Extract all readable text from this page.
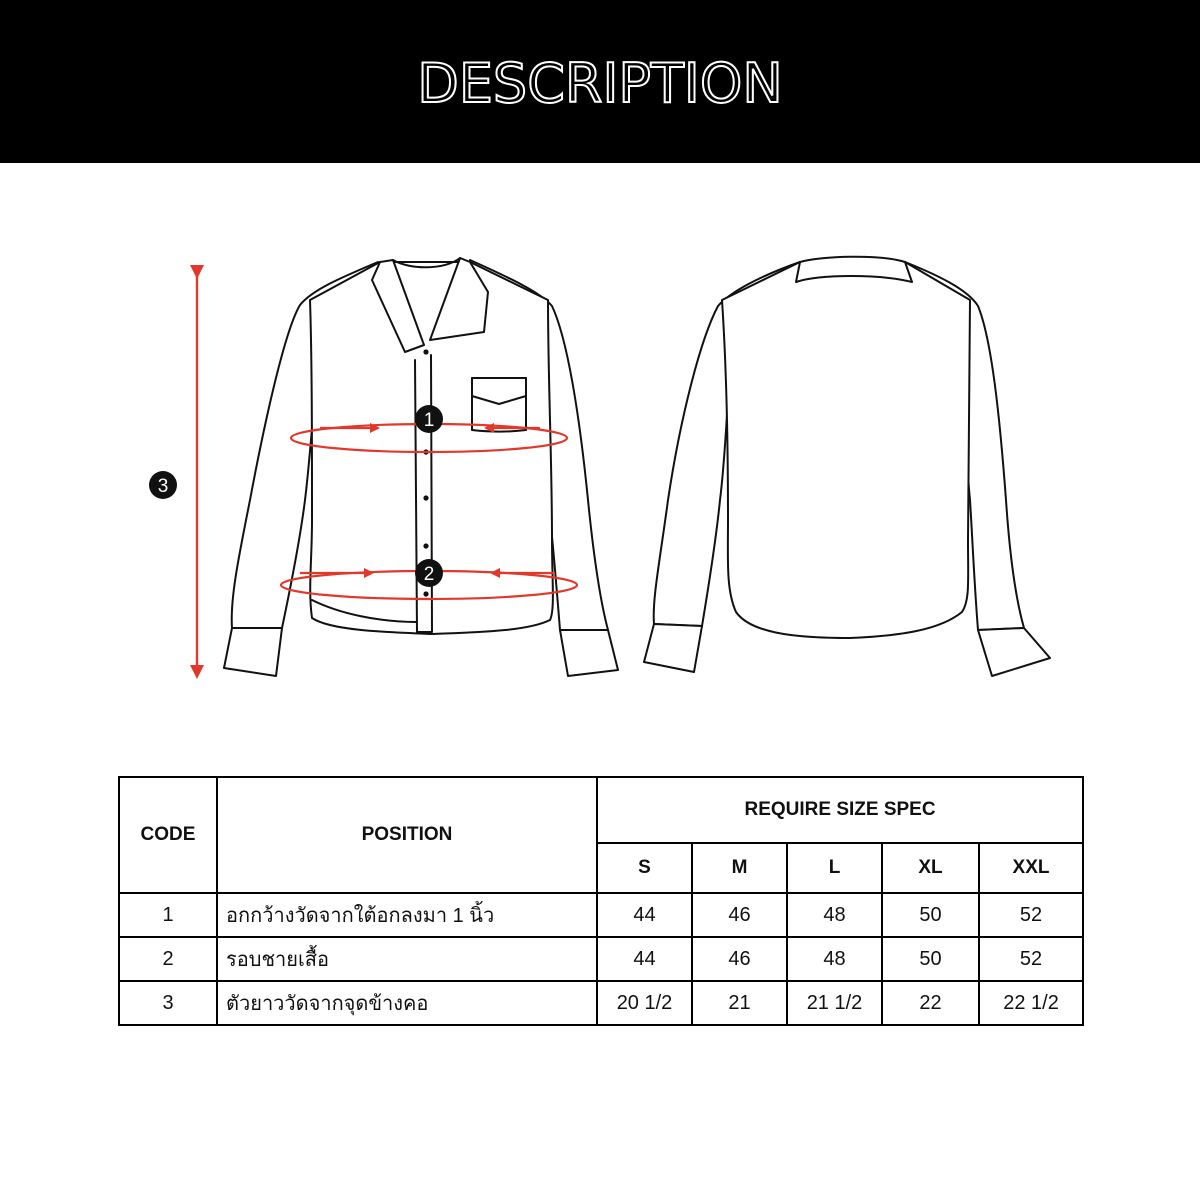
DESCRIPTION
1
2
3
CODE	POSITION	REQUIRE SIZE SPEC				
		S	M	L	XL	XXL
1	อกกว้างวัดจากใต้อกลงมา 1 นิ้ว	44	46	48	50	52
2	รอบชายเสื้อ	44	46	48	50	52
3	ตัวยาววัดจากจุดข้างคอ	20 1/2	21	21 1/2	22	22 1/2
